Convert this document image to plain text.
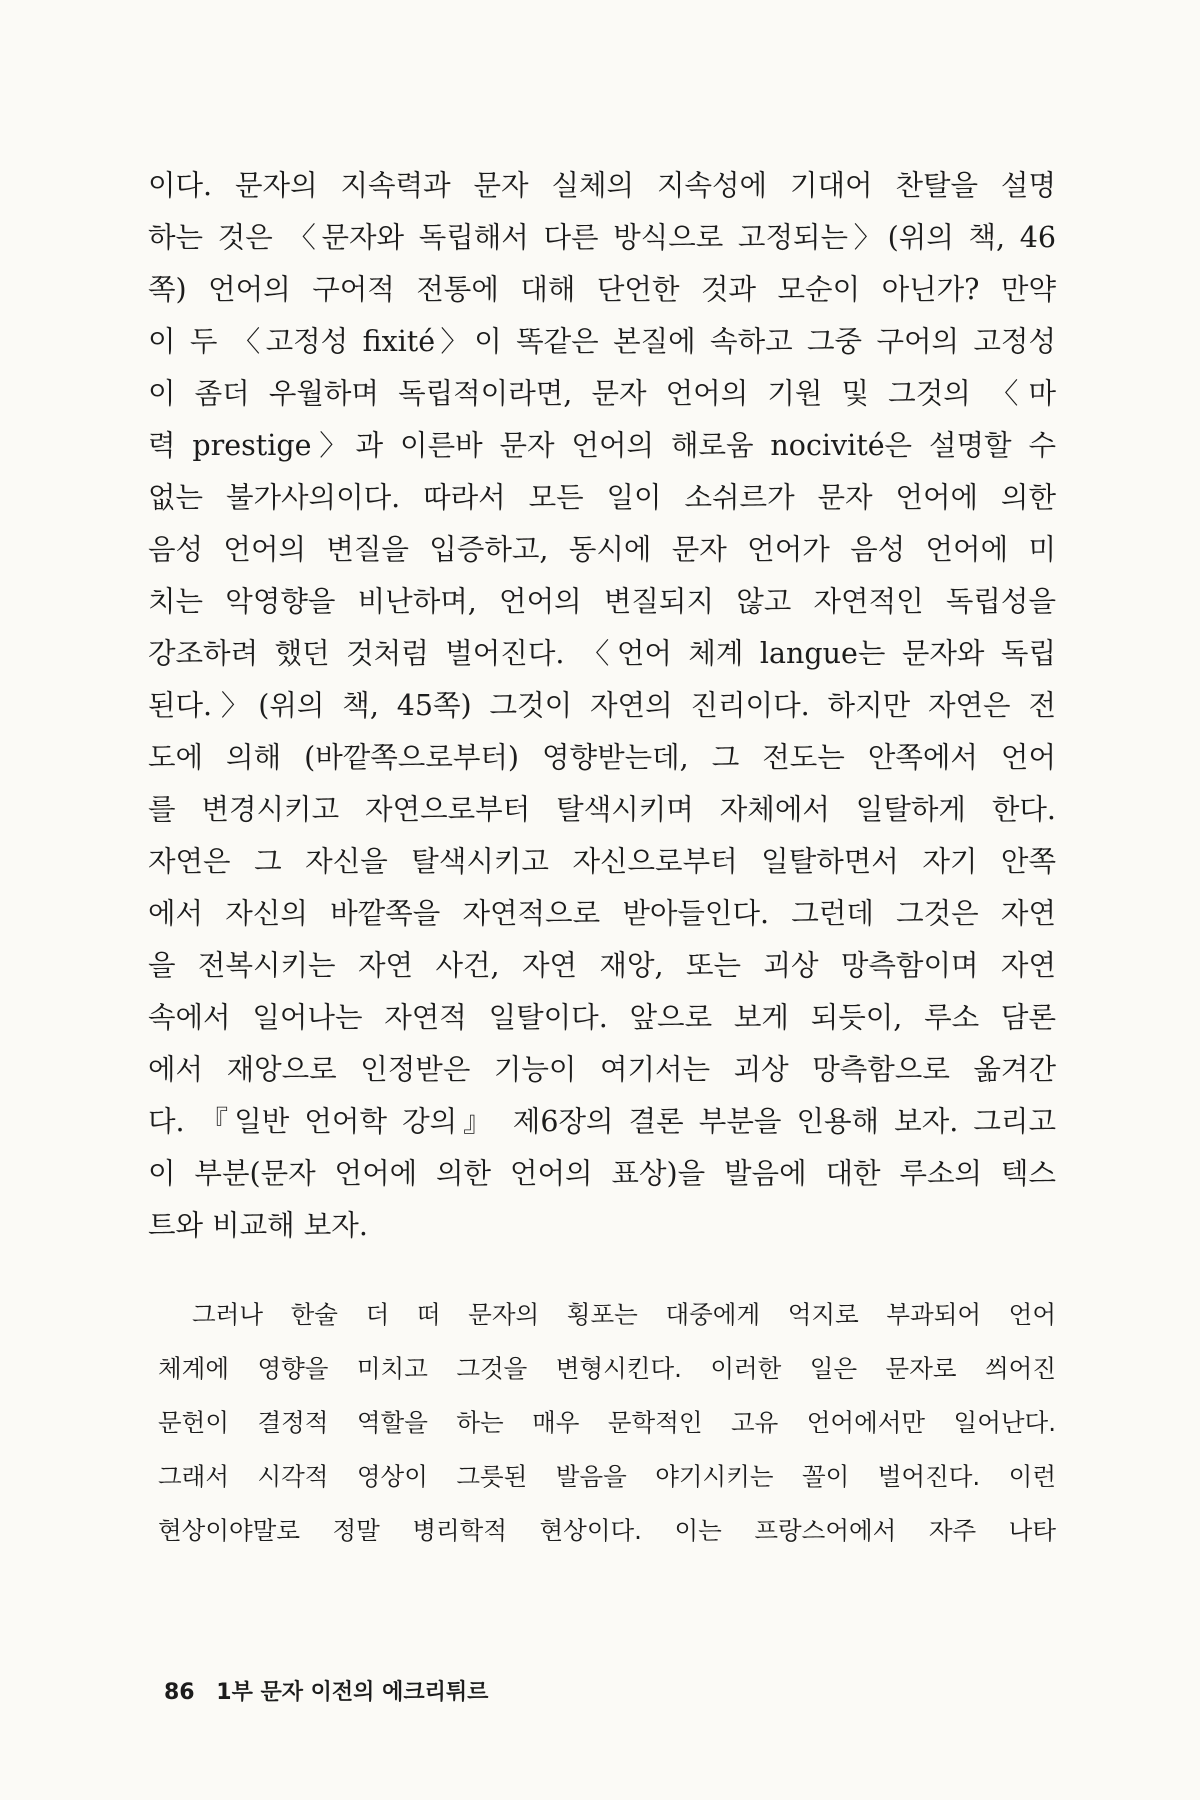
이다. 문자의 지속력과 문자 실체의 지속성에 기대어 찬탈을 설명
하는 것은 〈문자와 독립해서 다른 방식으로 고정되는〉(위의 책, 46
쪽) 언어의 구어적 전통에 대해 단언한 것과 모순이 아닌가? 만약
이 두 〈고정성 fixité〉이 똑같은 본질에 속하고 그중 구어의 고정성
이 좀더 우월하며 독립적이라면, 문자 언어의 기원 및 그것의 〈마
력 prestige〉과 이른바 문자 언어의 해로움 nocivité은 설명할 수
없는 불가사의이다. 따라서 모든 일이 소쉬르가 문자 언어에 의한
음성 언어의 변질을 입증하고, 동시에 문자 언어가 음성 언어에 미
치는 악영향을 비난하며, 언어의 변질되지 않고 자연적인 독립성을
강조하려 했던 것처럼 벌어진다. 〈언어 체계 langue는 문자와 독립
된다.〉(위의 책, 45쪽) 그것이 자연의 진리이다. 하지만 자연은 전
도에 의해 (바깥쪽으로부터) 영향받는데, 그 전도는 안쪽에서 언어
를 변경시키고 자연으로부터 탈색시키며 자체에서 일탈하게 한다.
자연은 그 자신을 탈색시키고 자신으로부터 일탈하면서 자기 안쪽
에서 자신의 바깥쪽을 자연적으로 받아들인다. 그런데 그것은 자연
을 전복시키는 자연 사건, 자연 재앙, 또는 괴상 망측함이며 자연
속에서 일어나는 자연적 일탈이다. 앞으로 보게 되듯이, 루소 담론
에서 재앙으로 인정받은 기능이 여기서는 괴상 망측함으로 옮겨간
다. 『일반 언어학 강의』 제6장의 결론 부분을 인용해 보자. 그리고
이 부분(문자 언어에 의한 언어의 표상)을 발음에 대한 루소의 텍스
트와 비교해 보자.
그러나 한술 더 떠 문자의 횡포는 대중에게 억지로 부과되어 언어
체계에 영향을 미치고 그것을 변형시킨다. 이러한 일은 문자로 씌어진
문헌이 결정적 역할을 하는 매우 문학적인 고유 언어에서만 일어난다.
그래서 시각적 영상이 그릇된 발음을 야기시키는 꼴이 벌어진다. 이런
현상이야말로 정말 병리학적 현상이다. 이는 프랑스어에서 자주 나타
86 1부 문자 이전의 에크리튀르
